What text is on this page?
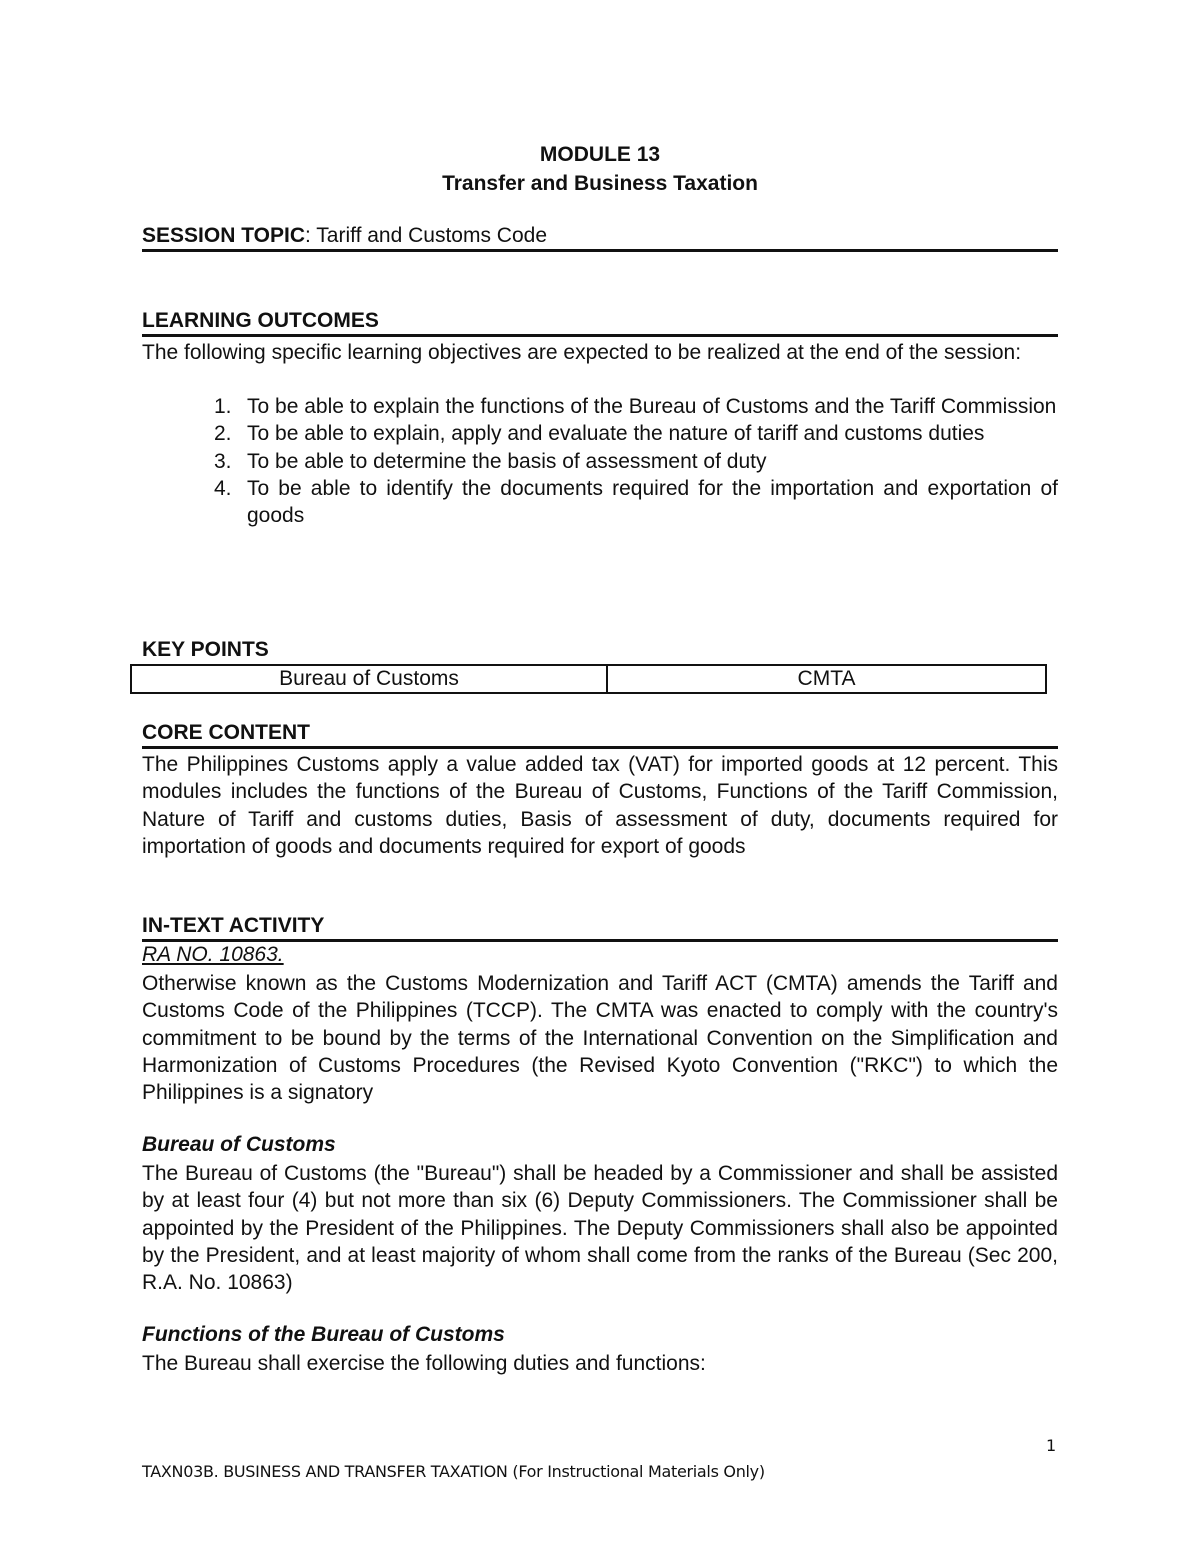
MODULE 13
Transfer and Business Taxation
SESSION TOPIC: Tariff and Customs Code
LEARNING OUTCOMES
The following specific learning objectives are expected to be realized at the end of the session:
1. To be able to explain the functions of the Bureau of Customs and the Tariff Commission
2. To be able to explain, apply and evaluate the nature of tariff and customs duties
3. To be able to determine the basis of assessment of duty
4. To be able to identify the documents required for the importation and exportation of goods
KEY POINTS
Bureau of Customs	CMTA
CORE CONTENT
The Philippines Customs apply a value added tax (VAT) for imported goods at 12 percent. This modules includes the functions of the Bureau of Customs, Functions of the Tariff Commission, Nature of Tariff and customs duties, Basis of assessment of duty, documents required for importation of goods and documents required for export of goods
IN-TEXT ACTIVITY
RA NO. 10863.
Otherwise known as the Customs Modernization and Tariff ACT (CMTA) amends the Tariff and Customs Code of the Philippines (TCCP). The CMTA was enacted to comply with the country's commitment to be bound by the terms of the International Convention on the Simplification and Harmonization of Customs Procedures (the Revised Kyoto Convention ("RKC") to which the Philippines is a signatory
Bureau of Customs
The Bureau of Customs (the "Bureau") shall be headed by a Commissioner and shall be assisted by at least four (4) but not more than six (6) Deputy Commissioners. The Commissioner shall be appointed by the President of the Philippines. The Deputy Commissioners shall also be appointed by the President, and at least majority of whom shall come from the ranks of the Bureau (Sec 200, R.A. No. 10863)
Functions of the Bureau of Customs
The Bureau shall exercise the following duties and functions:
1
TAXN03B. BUSINESS AND TRANSFER TAXATION (For Instructional Materials Only)
